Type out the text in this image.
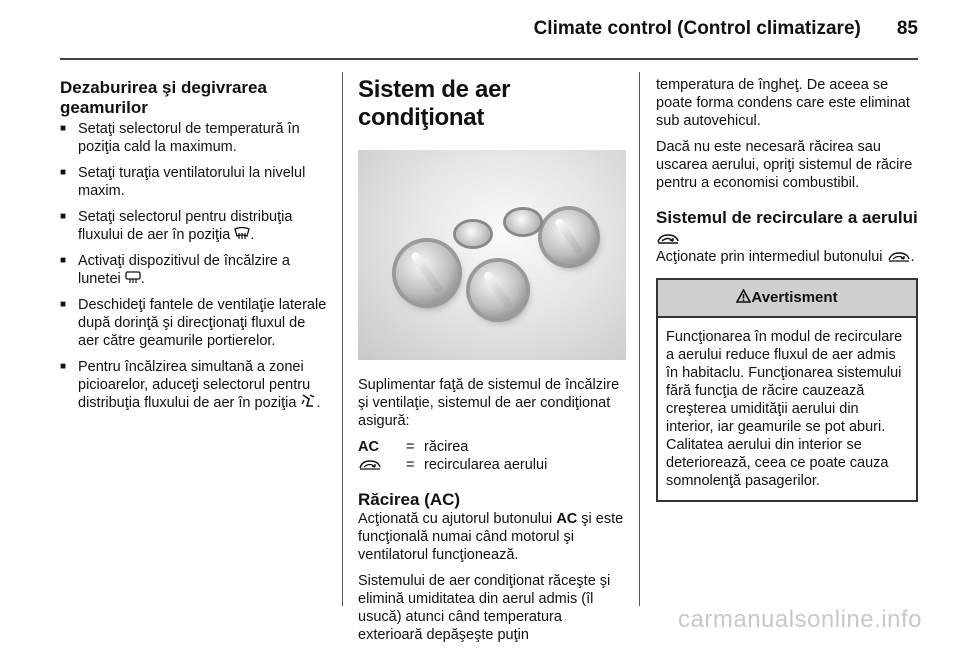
Climate control (Control climatizare) 85
Dezaburirea şi degivrarea geamurilor
■ Setaţi selectorul de temperatură în poziţia cald la maximum.
■ Setaţi turaţia ventilatorului la nivelul maxim.
■ Setaţi selectorul pentru distribuţia fluxului de aer în poziţia .
■ Activaţi dispozitivul de încălzire a lunetei .
■ Deschideţi fantele de ventilaţie laterale după dorinţă şi direcţionaţi fluxul de aer către geamurile portierelor.
■ Pentru încălzirea simultană a zonei picioarelor, aduceţi selectorul pentru distribuţia fluxului de aer în poziţia .
Sistem de aer condiţionat

Suplimentar faţă de sistemul de încălzire şi ventilaţie, sistemul de aer condiţionat asigură:

AC	= răcirea
= recircularea aerului
Răcirea (AC)

Acţionată cu ajutorul butonului AC şi este funcţională numai când motorul şi ventilatorul funcţionează.

Sistemului de aer condiţionat răceşte şi elimină umiditatea din aerul admis (îl usucă) atunci când temperatura exterioară depăşeşte puţin

temperatura de îngheţ. De aceea se poate forma condens care este eliminat sub autovehicul.

Dacă nu este necesară răcirea sau uscarea aerului, opriţi sistemul de răcire pentru a economisi combustibil.

Sistemul de recirculare a aerului

Acţionate prin intermediul butonului .

Avertisment
Funcţionarea în modul de recirculare a aerului reduce fluxul de aer admis în habitaclu. Funcţionarea sistemului fără funcţia de răcire cauzează creşterea umidităţii aerului din interior, iar geamurile se pot aburi. Calitatea aerului din interior se deteriorează, ceea ce poate cauza somnolenţă pasagerilor.
carmanualsonline.info
